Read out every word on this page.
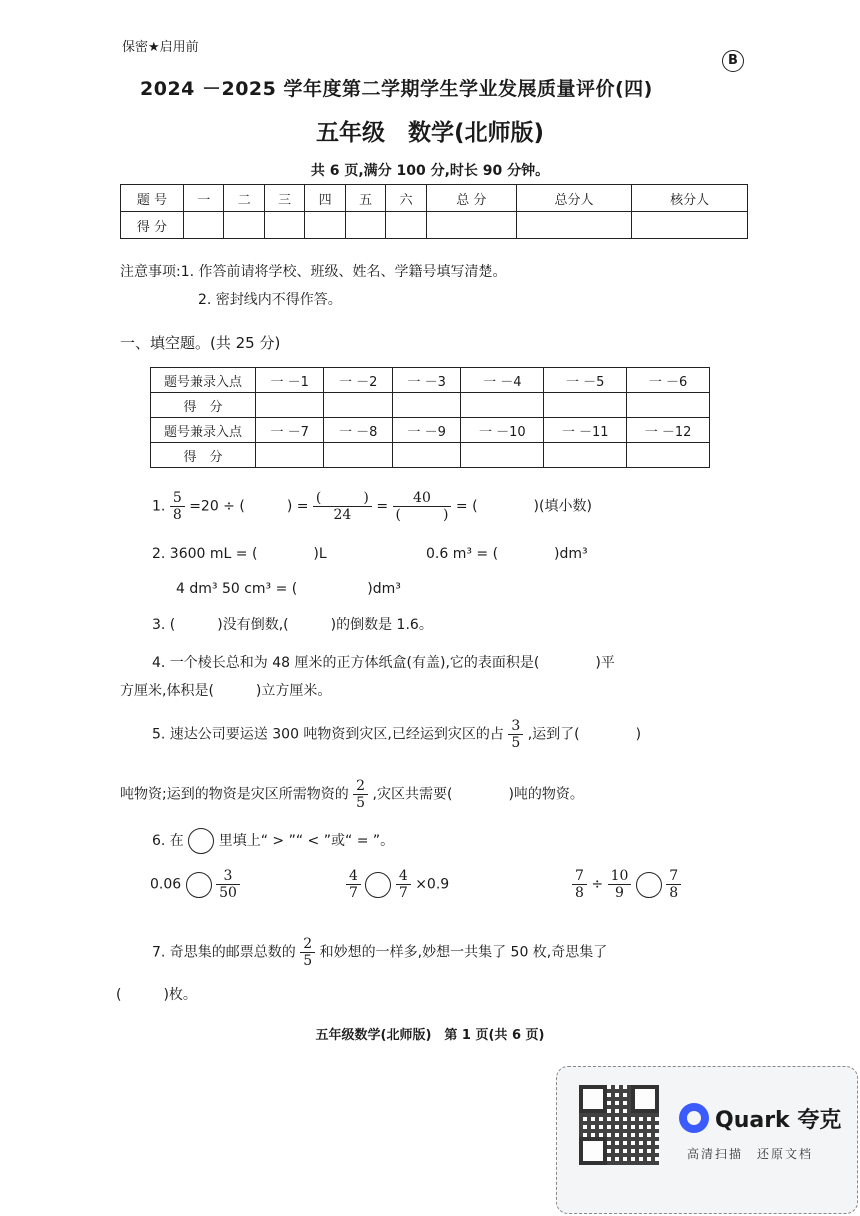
保密★启用前
B
2024 －2025 学年度第二学期学生学业发展质量评价(四)
五年级　数学(北师版)
共 6 页,满分 100 分,时长 90 分钟。
题 号	一	二	三	四	五	六	总 分	总分人	核分人
得 分									
注意事项:1. 作答前请将学校、班级、姓名、学籍号填写清楚。
2. 密封线内不得作答。
一、填空题。(共 25 分)
题号兼录入点	一 －1	一 －2	一 －3	一 －4	一 －5	一 －6
得　分						
题号兼录入点	一 －7	一 －8	一 －9	一 －10	一 －11	一 －12
得　分						
1. $\frac{5}{8} =20$ ÷ (　　　) = $\frac{( )}{24} = \frac{40}{( )}$ = (　　　　)(填小数)
2. 3600 mL = (　　　　)L	0.6 m³ = (　　　　)dm³
4 dm³ 50 cm³ = (　　　　　)dm³
3. (　　　)没有倒数,(　　　)的倒数是 1.6。
4. 一个棱长总和为 48 厘米的正方体纸盒(有盖),它的表面积是(　　　　)平
方厘米,体积是(　　　)立方厘米。
5. 速达公司要运送 300 吨物资到灾区,已经运到灾区的占 $\frac{3}{5}$ ,运到了(　　　　)
吨物资;运到的物资是灾区所需物资的 $\frac{2}{5}$ ,灾区共需要(　　　　)吨的物资。
6. 在 里填上“ > ”“ < ”或“ = ”。
$0.06 \frac{3}{50}$	$\frac{4}{7}$
$\frac{4}{7} \times 0.9$	$\frac{7}{8} \div \frac{10}{9}$
$\frac{7}{8}$
7. 奇思集的邮票总数的 $\frac{2}{5}$ 和妙想的一样多,妙想一共集了 50 枚,奇思集了
(　　　)枚。
五年级数学(北师版)　第 1 页(共 6 页)
Quark 夸克
高清扫描　还原文档
